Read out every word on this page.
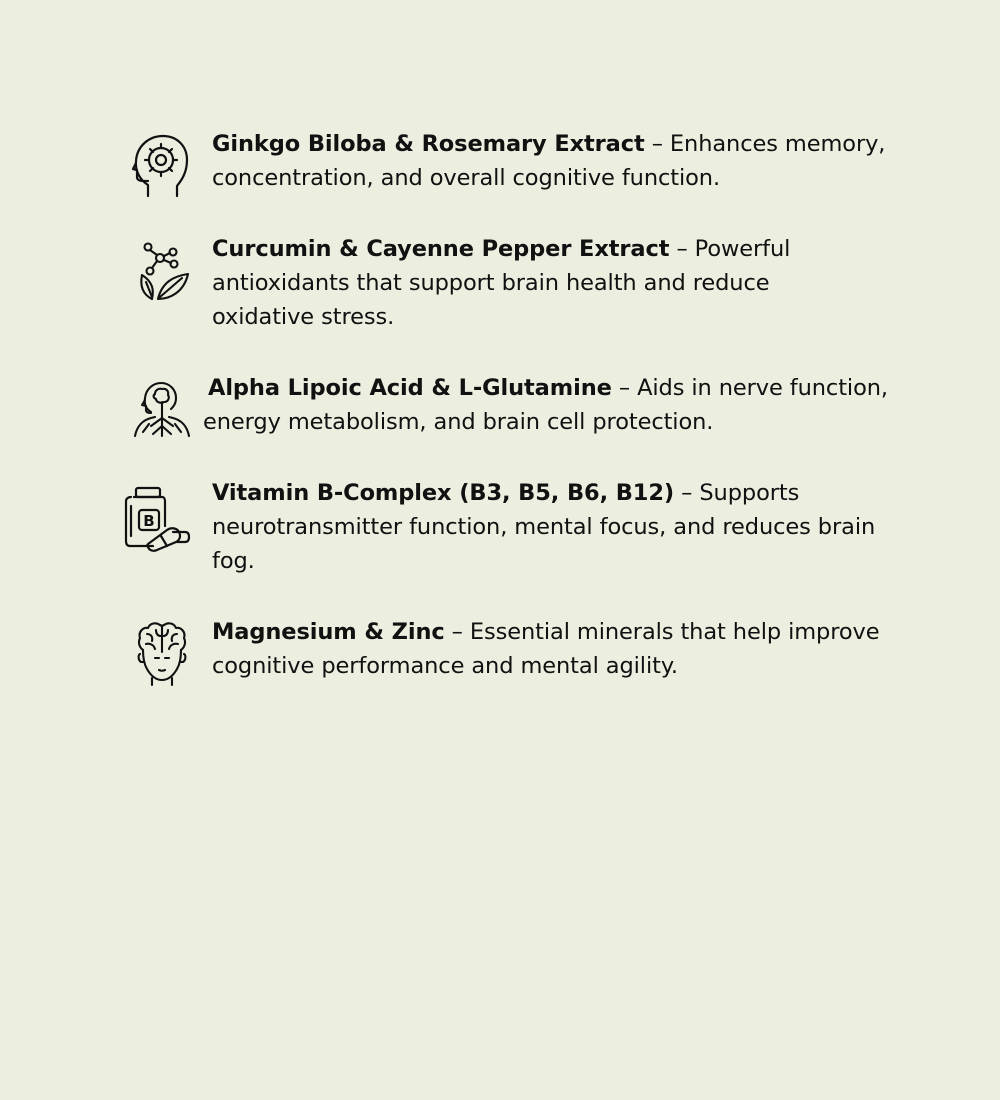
Ginkgo Biloba & Rosemary Extract – Enhances memory, concentration, and overall cognitive function.

Curcumin & Cayenne Pepper Extract – Powerful antioxidants that support brain health and reduce oxidative stress.

Alpha Lipoic Acid & L-Glutamine – Aids in nerve function, energy metabolism, and brain cell protection.

B

Vitamin B-Complex (B3, B5, B6, B12) – Supports neurotransmitter function, mental focus, and reduces brain fog.

Magnesium & Zinc – Essential minerals that help improve cognitive performance and mental agility.
